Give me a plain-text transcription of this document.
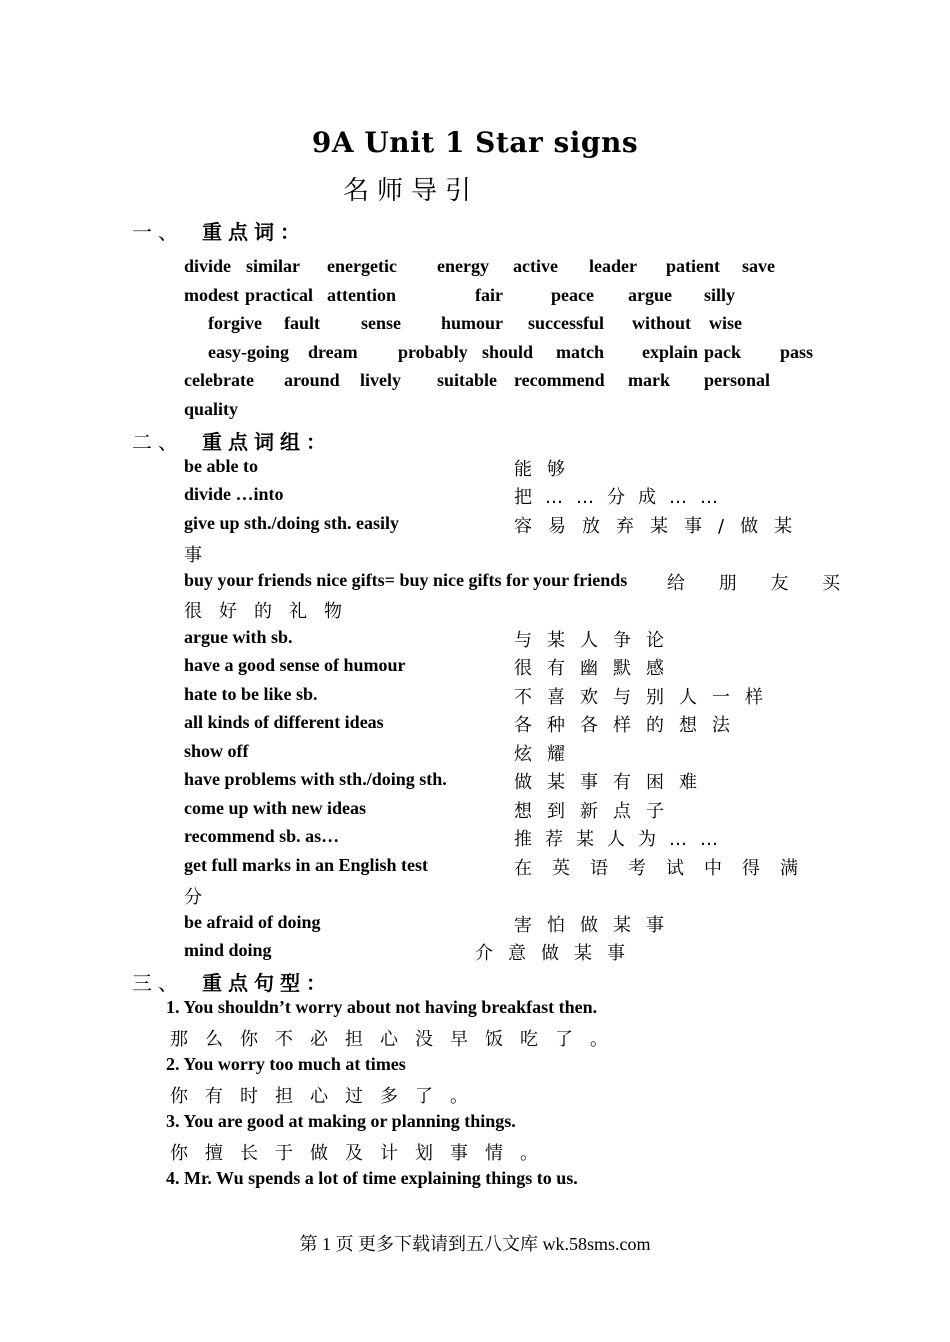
9A Unit 1 Star signs
名师导引
一、 重点词：
divide similar energetic energy active leader patient save
modest practical attention	fair	peace argue silly
forgive fault sense humour successful without wise
easy-going dream probably should match explain pack pass
celebrate around lively suitable recommend mark personal
quality
二、 重点词组：
be able to	能够
divide …into	把……分成……
give up sth./doing sth. easily	容易放弃某事/做某
事
buy your friends nice gifts= buy nice gifts for your friends 给 朋 友 买
很好的礼物
argue with sb.	与某人争论
have a good sense of humour	很有幽默感
hate to be like sb.	不喜欢与别人一样
all kinds of different ideas	各种各样的想法
show off	炫耀
have problems with sth./doing sth.	做某事有困难
come up with new ideas	想到新点子
recommend sb. as…	推荐某人为……
get full marks in an English test	在英语考试中得满
分
be afraid of doing	害怕做某事
mind doing	介意做某事
三、 重点句型：
1. You shouldn’t worry about not having breakfast then.
那么你不必担心没早饭吃了。
2. You worry too much at times
你有时担心过多了。
3. You are good at making or planning things.
你擅长于做及计划事情。
4. Mr. Wu spends a lot of time explaining things to us.
第 1 页 更多下载请到五八文库 wk.58sms.com
